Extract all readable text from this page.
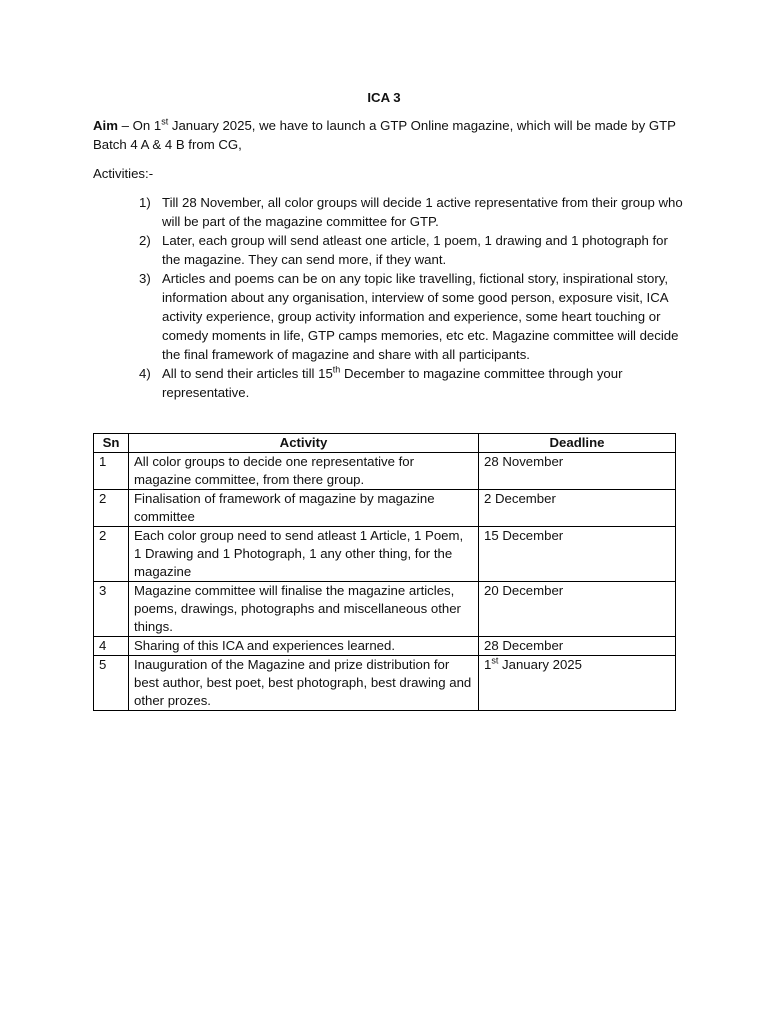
ICA 3
Aim – On 1st January 2025, we have to launch a GTP Online magazine, which will be made by GTP Batch 4 A & 4 B from CG,
Activities:-
1) Till 28 November, all color groups will decide 1 active representative from their group who will be part of the magazine committee for GTP.
2) Later, each group will send atleast one article, 1 poem, 1 drawing and 1 photograph for the magazine. They can send more, if they want.
3) Articles and poems can be on any topic like travelling, fictional story, inspirational story, information about any organisation, interview of some good person, exposure visit, ICA activity experience, group activity information and experience, some heart touching or comedy moments in life, GTP camps memories, etc etc. Magazine committee will decide the final framework of magazine and share with all participants.
4) All to send their articles till 15th December to magazine committee through your representative.
Sn	Activity	Deadline
1	All color groups to decide one representative for magazine committee, from there group.	28 November
2	Finalisation of framework of magazine by magazine committee	2 December
2	Each color group need to send atleast 1 Article, 1 Poem, 1 Drawing and 1 Photograph, 1 any other thing, for the magazine	15 December
3	Magazine committee will finalise the magazine articles, poems, drawings, photographs and miscellaneous other things.	20 December
4	Sharing of this ICA and experiences learned.	28 December
5	Inauguration of the Magazine and prize distribution for best author, best poet, best photograph, best drawing and other prozes.	1st January 2025
